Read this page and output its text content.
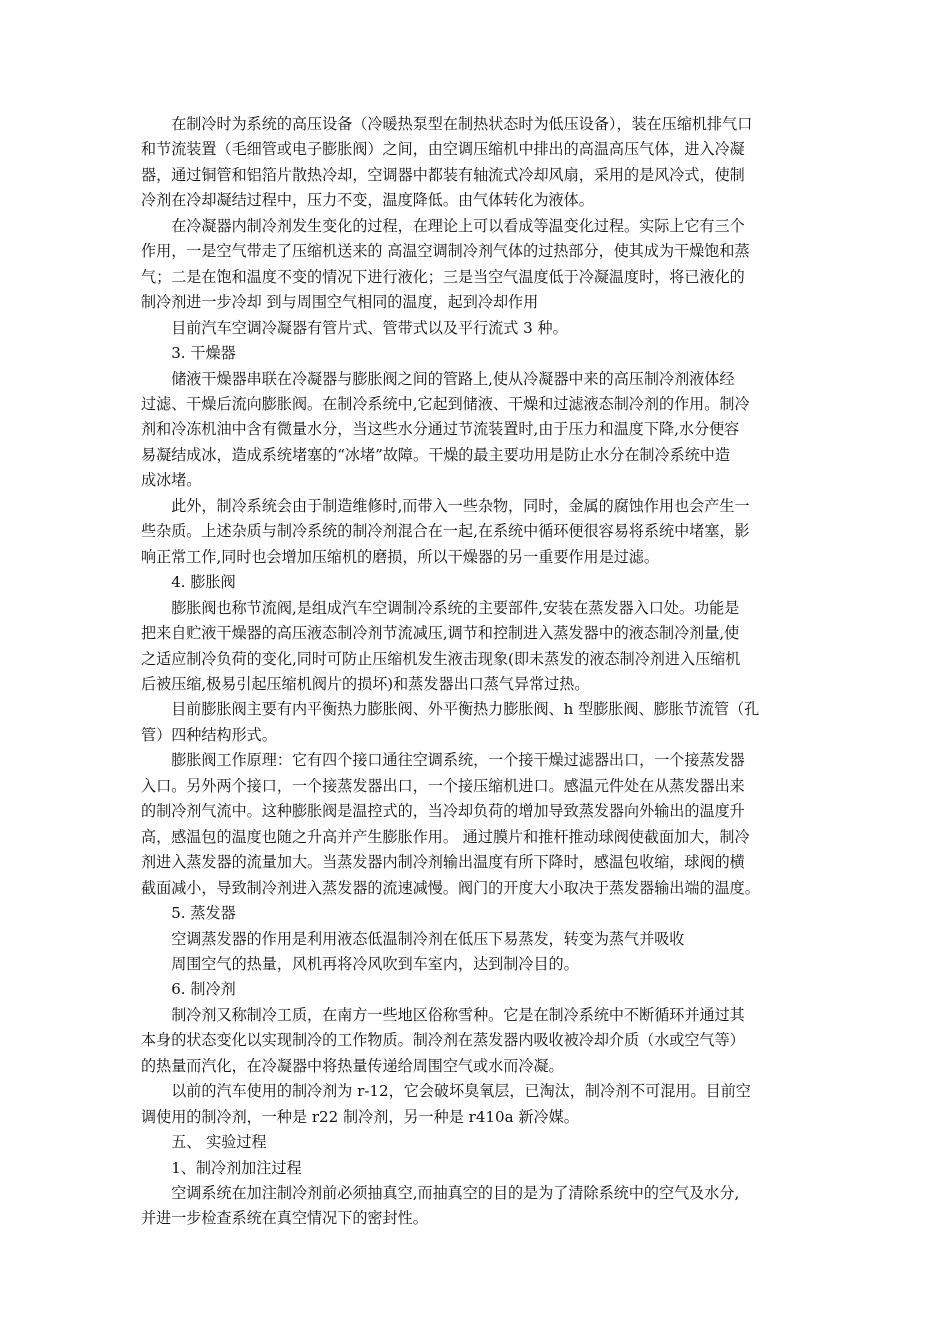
在制冷时为系统的高压设备（冷暖热泵型在制热状态时为低压设备），装在压缩机排气口
和节流装置（毛细管或电子膨胀阀）之间，由空调压缩机中排出的高温高压气体，进入冷凝
器，通过铜管和铝箔片散热冷却，空调器中都装有轴流式冷却风扇，采用的是风冷式，使制
冷剂在冷却凝结过程中，压力不变，温度降低。由气体转化为液体。
在冷凝器内制冷剂发生变化的过程，在理论上可以看成等温变化过程。实际上它有三个
作用，一是空气带走了压缩机送来的 高温空调制冷剂气体的过热部分，使其成为干燥饱和蒸
气；二是在饱和温度不变的情况下进行液化；三是当空气温度低于冷凝温度时，将已液化的
制冷剂进一步冷却 到与周围空气相同的温度，起到冷却作用
目前汽车空调冷凝器有管片式、管带式以及平行流式 3 种。
3. 干燥器
储液干燥器串联在冷凝器与膨胀阀之间的管路上,使从冷凝器中来的高压制冷剂液体经
过滤、干燥后流向膨胀阀。在制冷系统中,它起到储液、干燥和过滤液态制冷剂的作用。制冷
剂和冷冻机油中含有微量水分，当这些水分通过节流装置时,由于压力和温度下降,水分便容
易凝结成冰，造成系统堵塞的“冰堵”故障。干燥的最主要功用是防止水分在制冷系统中造
成冰堵。
此外，制冷系统会由于制造维修时,而带入一些杂物，同时，金属的腐蚀作用也会产生一
些杂质。上述杂质与制冷系统的制冷剂混合在一起,在系统中循环便很容易将系统中堵塞，影
响正常工作,同时也会增加压缩机的磨损，所以干燥器的另一重要作用是过滤。
4. 膨胀阀
膨胀阀也称节流阀,是组成汽车空调制冷系统的主要部件,安装在蒸发器入口处。功能是
把来自贮液干燥器的高压液态制冷剂节流减压,调节和控制进入蒸发器中的液态制冷剂量,使
之适应制冷负荷的变化,同时可防止压缩机发生液击现象(即未蒸发的液态制冷剂进入压缩机
后被压缩,极易引起压缩机阀片的损坏)和蒸发器出口蒸气异常过热。
目前膨胀阀主要有内平衡热力膨胀阀、外平衡热力膨胀阀、h 型膨胀阀、膨胀节流管（孔
管）四种结构形式。
膨胀阀工作原理：它有四个接口通往空调系统，一个接干燥过滤器出口，一个接蒸发器
入口。另外两个接口，一个接蒸发器出口，一个接压缩机进口。感温元件处在从蒸发器出来
的制冷剂气流中。这种膨胀阀是温控式的，当冷却负荷的增加导致蒸发器向外输出的温度升
高，感温包的温度也随之升高并产生膨胀作用。 通过膜片和推杆推动球阀使截面加大，制冷
剂进入蒸发器的流量加大。当蒸发器内制冷剂输出温度有所下降时，感温包收缩，球阀的横
截面减小，导致制冷剂进入蒸发器的流速减慢。阀门的开度大小取决于蒸发器输出端的温度。
5. 蒸发器
空调蒸发器的作用是利用液态低温制冷剂在低压下易蒸发，转变为蒸气并吸收
周围空气的热量，风机再将冷风吹到车室内，达到制冷目的。
6. 制冷剂
制冷剂又称制冷工质，在南方一些地区俗称雪种。它是在制冷系统中不断循环并通过其
本身的状态变化以实现制冷的工作物质。制冷剂在蒸发器内吸收被冷却介质（水或空气等）
的热量而汽化，在冷凝器中将热量传递给周围空气或水而冷凝。
以前的汽车使用的制冷剂为 r-12，它会破坏臭氧层，已淘汰，制冷剂不可混用。目前空
调使用的制冷剂，一种是 r22 制冷剂，另一种是 r410a 新冷媒。
五、 实验过程
1、制冷剂加注过程
空调系统在加注制冷剂前必须抽真空,而抽真空的目的是为了清除系统中的空气及水分,
并进一步检查系统在真空情况下的密封性。
